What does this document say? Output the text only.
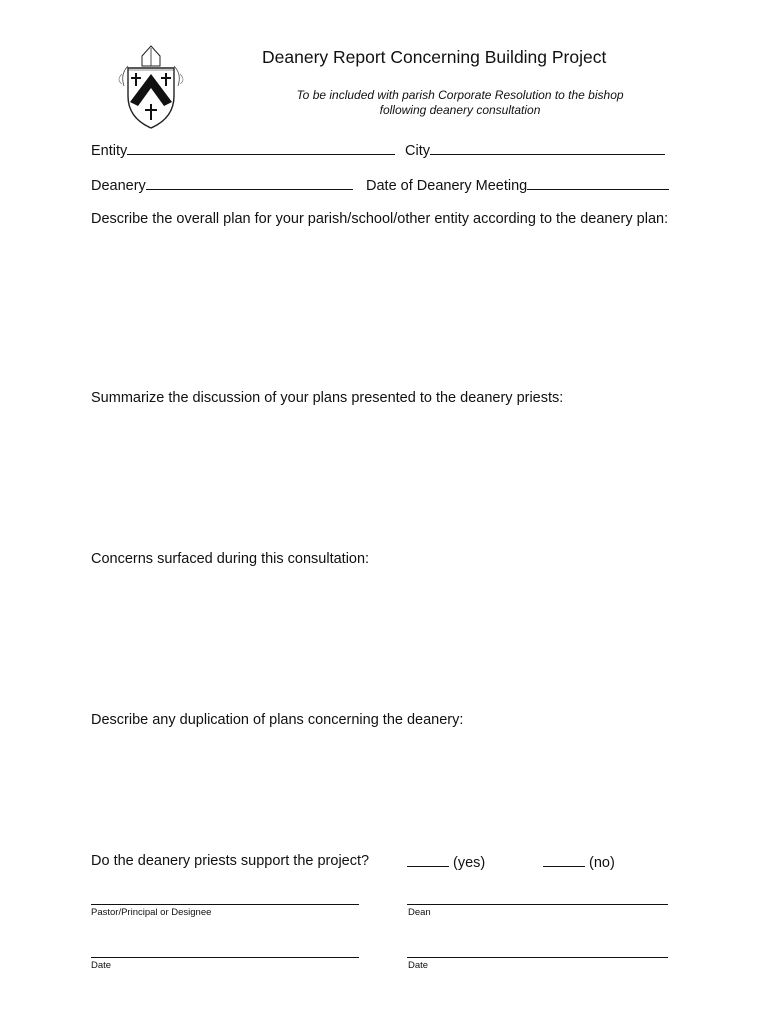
Deanery Report Concerning Building Project
To be included with parish Corporate Resolution to the bishop
following deanery consultation
Entity	City
Deanery	Date of Deanery Meeting
Describe the overall plan for your parish/school/other entity according to the deanery plan:
Summarize the discussion of your plans presented to the deanery priests:
Concerns surfaced during this consultation:
Describe any duplication of plans concerning the deanery:
Do the deanery priests support the project?	(yes)	(no)
Pastor/Principal or Designee	Dean
Date	Date
